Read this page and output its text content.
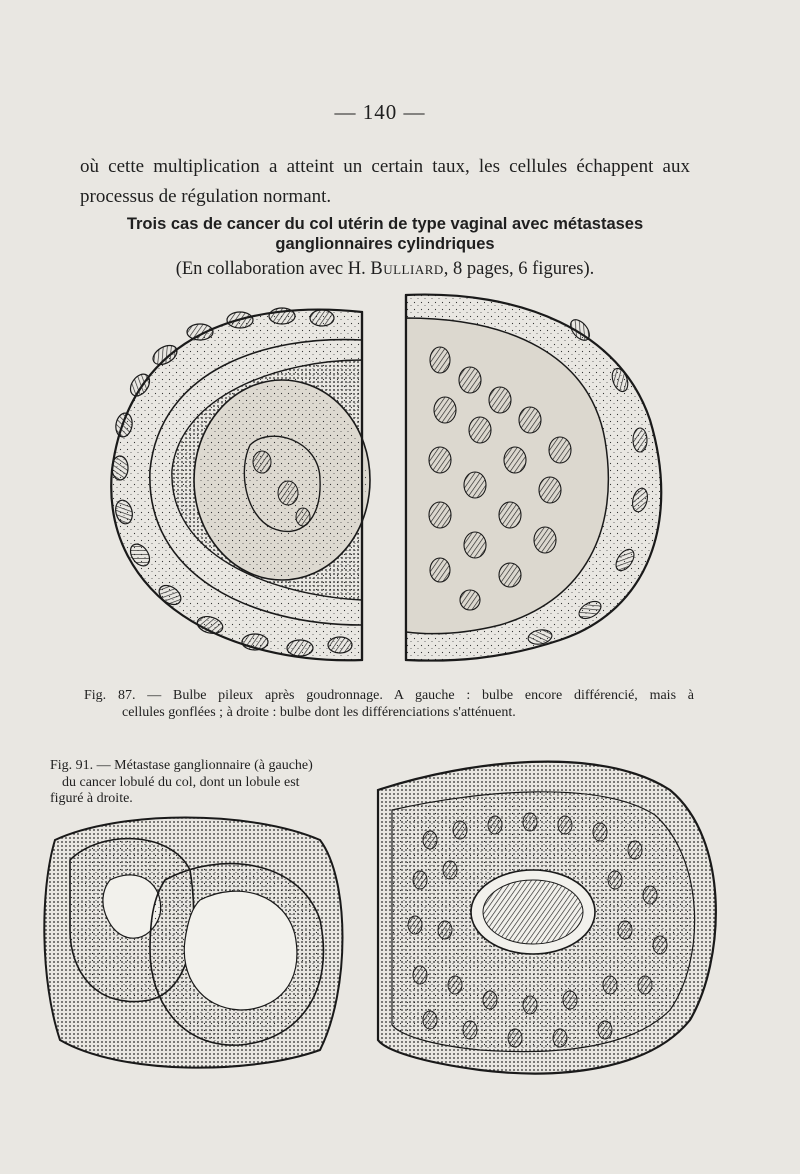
— 140 —
où cette multiplication a atteint un certain taux, les cellules échappent aux
processus de régulation normant.
Trois cas de cancer du col utérin de type vaginal avec métastases
ganglionnaires cylindriques
(En collaboration avec H. Bulliard, 8 pages, 6 figures).
Fig. 87. — Bulbe pileux après goudronnage. A gauche : bulbe encore différencié, mais à
cellules gonflées ; à droite : bulbe dont les différenciations s'atténuent.
Fig. 91. — Métastase ganglionnaire (à gauche)
du cancer lobulé du col, dont un lobule est
figuré à droite.
